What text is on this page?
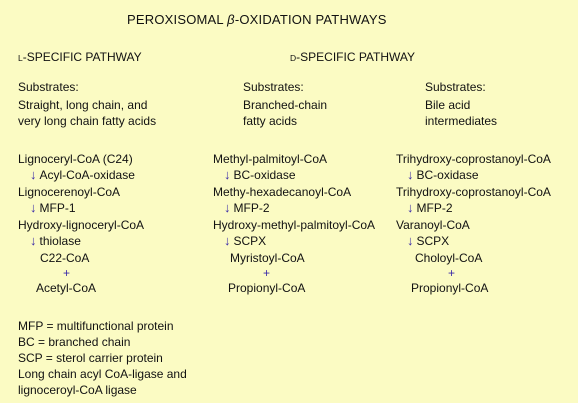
PEROXISOMAL β-OXIDATION PATHWAYS
L-SPECIFIC PATHWAY	D-SPECIFIC PATHWAY
Substrates:
Straight, long chain, and
very long chain fatty acids
Substrates:
Branched-chain
fatty acids
Substrates:
Bile acid
intermediates
Lignoceryl-CoA (C24)
↓ Acyl-CoA-oxidase
Lignocerenoyl-CoA
↓ MFP-1
Hydroxy-lignoceryl-CoA
↓ thiolase
C22-CoA
+
Acetyl-CoA
Methyl-palmitoyl-CoA
↓ BC-oxidase
Methy-hexadecanoyl-CoA
↓ MFP-2
Hydroxy-methyl-palmitoyl-CoA
↓ SCPX
Myristoyl-CoA
+
Propionyl-CoA
Trihydroxy-coprostanoyl-CoA
↓ BC-oxidase
Trihydroxy-coprostanoyl-CoA
↓ MFP-2
Varanoyl-CoA
↓ SCPX
Choloyl-CoA
+
Propionyl-CoA
MFP = multifunctional protein
BC = branched chain
SCP = sterol carrier protein
Long chain acyl CoA-ligase and
lignoceroyl-CoA ligase
